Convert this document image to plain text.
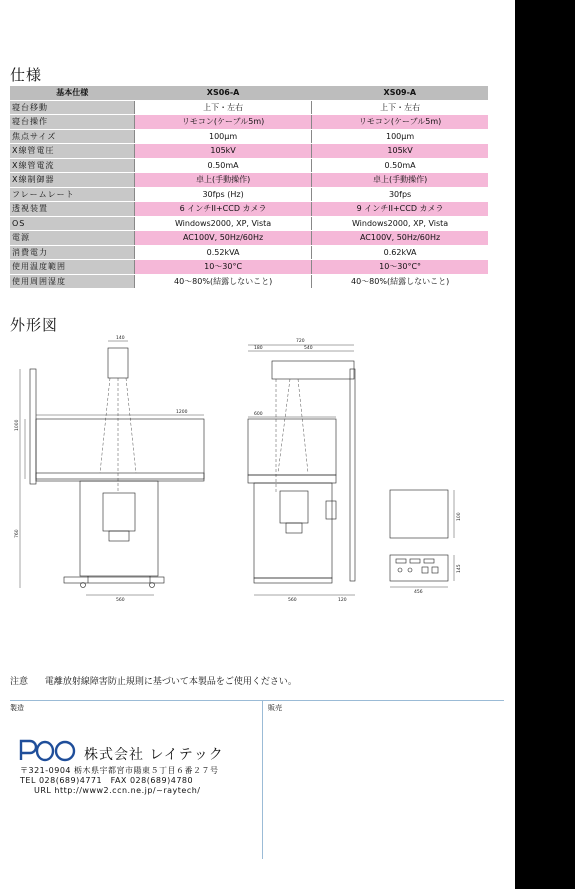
仕様
基本仕様	XS06-A	XS09-A
寝台移動	上下・左右	上下・左右
寝台操作	リモコン(ケーブル5m)	リモコン(ケーブル5m)
焦点サイズ	100μm	100μm
X線管電圧	105kV	105kV
X線管電流	0.50mA	0.50mA
X線制御器	卓上(手動操作)	卓上(手動操作)
フレームレート	30fps (Hz)	30fps
透視装置	6 インチII+CCD カメラ	9 インチII+CCD カメラ
OS	Windows2000, XP, Vista	Windows2000, XP, Vista
電源	AC100V, 50Hz/60Hz	AC100V, 50Hz/60Hz
消費電力	0.52kVA	0.62kVA
使用温度範囲	10～30°C	10～30°C°
使用周囲湿度	40～80%(結露しないこと)	40～80%(結露しないこと)
外形図
140
1200
1000
760
560
720
180	540
600
560	120
100
145
456
注意 電離放射線障害防止規則に基づいて本製品をご使用ください。
製造	販売
株式会社 レイテック
〒321-0904 栃木県宇都宮市陽東５丁目６番２７号
TEL 028(689)4771　FAX 028(689)4780
URL http://www2.ccn.ne.jp/~raytech/
